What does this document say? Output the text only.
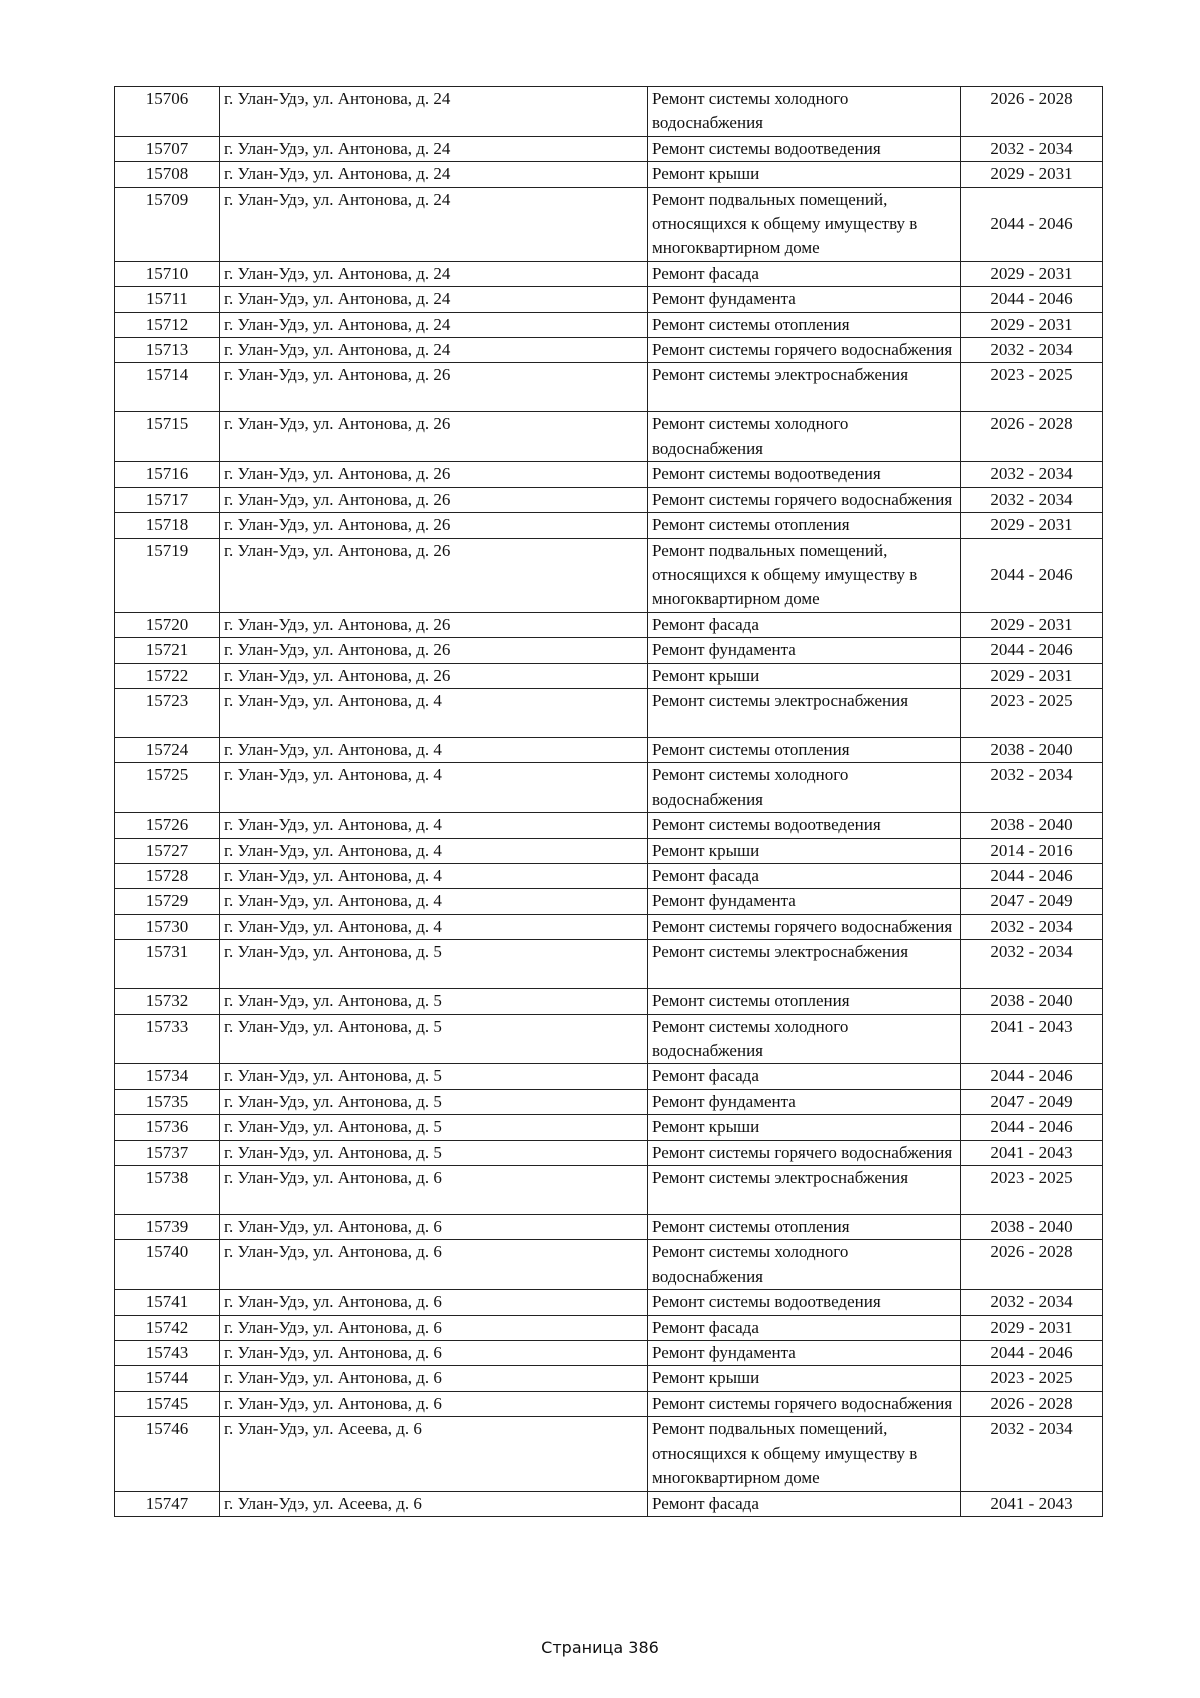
15706	г. Улан-Удэ, ул. Антонова, д. 24	Ремонт системы холодного водоснабжения	2026 - 2028
15707	г. Улан-Удэ, ул. Антонова, д. 24	Ремонт системы водоотведения	2032 - 2034
15708	г. Улан-Удэ, ул. Антонова, д. 24	Ремонт крыши	2029 - 2031
15709	г. Улан-Удэ, ул. Антонова, д. 24	Ремонт подвальных помещений, относящихся к общему имуществу в многоквартирном доме	2044 - 2046
15710	г. Улан-Удэ, ул. Антонова, д. 24	Ремонт фасада	2029 - 2031
15711	г. Улан-Удэ, ул. Антонова, д. 24	Ремонт фундамента	2044 - 2046
15712	г. Улан-Удэ, ул. Антонова, д. 24	Ремонт системы отопления	2029 - 2031
15713	г. Улан-Удэ, ул. Антонова, д. 24	Ремонт системы горячего водоснабжения	2032 - 2034
15714	г. Улан-Удэ, ул. Антонова, д. 26	Ремонт системы электроснабжения	2023 - 2025
15715	г. Улан-Удэ, ул. Антонова, д. 26	Ремонт системы холодного водоснабжения	2026 - 2028
15716	г. Улан-Удэ, ул. Антонова, д. 26	Ремонт системы водоотведения	2032 - 2034
15717	г. Улан-Удэ, ул. Антонова, д. 26	Ремонт системы горячего водоснабжения	2032 - 2034
15718	г. Улан-Удэ, ул. Антонова, д. 26	Ремонт системы отопления	2029 - 2031
15719	г. Улан-Удэ, ул. Антонова, д. 26	Ремонт подвальных помещений, относящихся к общему имуществу в многоквартирном доме	2044 - 2046
15720	г. Улан-Удэ, ул. Антонова, д. 26	Ремонт фасада	2029 - 2031
15721	г. Улан-Удэ, ул. Антонова, д. 26	Ремонт фундамента	2044 - 2046
15722	г. Улан-Удэ, ул. Антонова, д. 26	Ремонт крыши	2029 - 2031
15723	г. Улан-Удэ, ул. Антонова, д. 4	Ремонт системы электроснабжения	2023 - 2025
15724	г. Улан-Удэ, ул. Антонова, д. 4	Ремонт системы отопления	2038 - 2040
15725	г. Улан-Удэ, ул. Антонова, д. 4	Ремонт системы холодного водоснабжения	2032 - 2034
15726	г. Улан-Удэ, ул. Антонова, д. 4	Ремонт системы водоотведения	2038 - 2040
15727	г. Улан-Удэ, ул. Антонова, д. 4	Ремонт крыши	2014 - 2016
15728	г. Улан-Удэ, ул. Антонова, д. 4	Ремонт фасада	2044 - 2046
15729	г. Улан-Удэ, ул. Антонова, д. 4	Ремонт фундамента	2047 - 2049
15730	г. Улан-Удэ, ул. Антонова, д. 4	Ремонт системы горячего водоснабжения	2032 - 2034
15731	г. Улан-Удэ, ул. Антонова, д. 5	Ремонт системы электроснабжения	2032 - 2034
15732	г. Улан-Удэ, ул. Антонова, д. 5	Ремонт системы отопления	2038 - 2040
15733	г. Улан-Удэ, ул. Антонова, д. 5	Ремонт системы холодного водоснабжения	2041 - 2043
15734	г. Улан-Удэ, ул. Антонова, д. 5	Ремонт фасада	2044 - 2046
15735	г. Улан-Удэ, ул. Антонова, д. 5	Ремонт фундамента	2047 - 2049
15736	г. Улан-Удэ, ул. Антонова, д. 5	Ремонт крыши	2044 - 2046
15737	г. Улан-Удэ, ул. Антонова, д. 5	Ремонт системы горячего водоснабжения	2041 - 2043
15738	г. Улан-Удэ, ул. Антонова, д. 6	Ремонт системы электроснабжения	2023 - 2025
15739	г. Улан-Удэ, ул. Антонова, д. 6	Ремонт системы отопления	2038 - 2040
15740	г. Улан-Удэ, ул. Антонова, д. 6	Ремонт системы холодного водоснабжения	2026 - 2028
15741	г. Улан-Удэ, ул. Антонова, д. 6	Ремонт системы водоотведения	2032 - 2034
15742	г. Улан-Удэ, ул. Антонова, д. 6	Ремонт фасада	2029 - 2031
15743	г. Улан-Удэ, ул. Антонова, д. 6	Ремонт фундамента	2044 - 2046
15744	г. Улан-Удэ, ул. Антонова, д. 6	Ремонт крыши	2023 - 2025
15745	г. Улан-Удэ, ул. Антонова, д. 6	Ремонт системы горячего водоснабжения	2026 - 2028
15746	г. Улан-Удэ, ул. Асеева, д. 6	Ремонт подвальных помещений, относящихся к общему имуществу в многоквартирном доме	2032 - 2034
15747	г. Улан-Удэ, ул. Асеева, д. 6	Ремонт фасада	2041 - 2043
Страница 386
